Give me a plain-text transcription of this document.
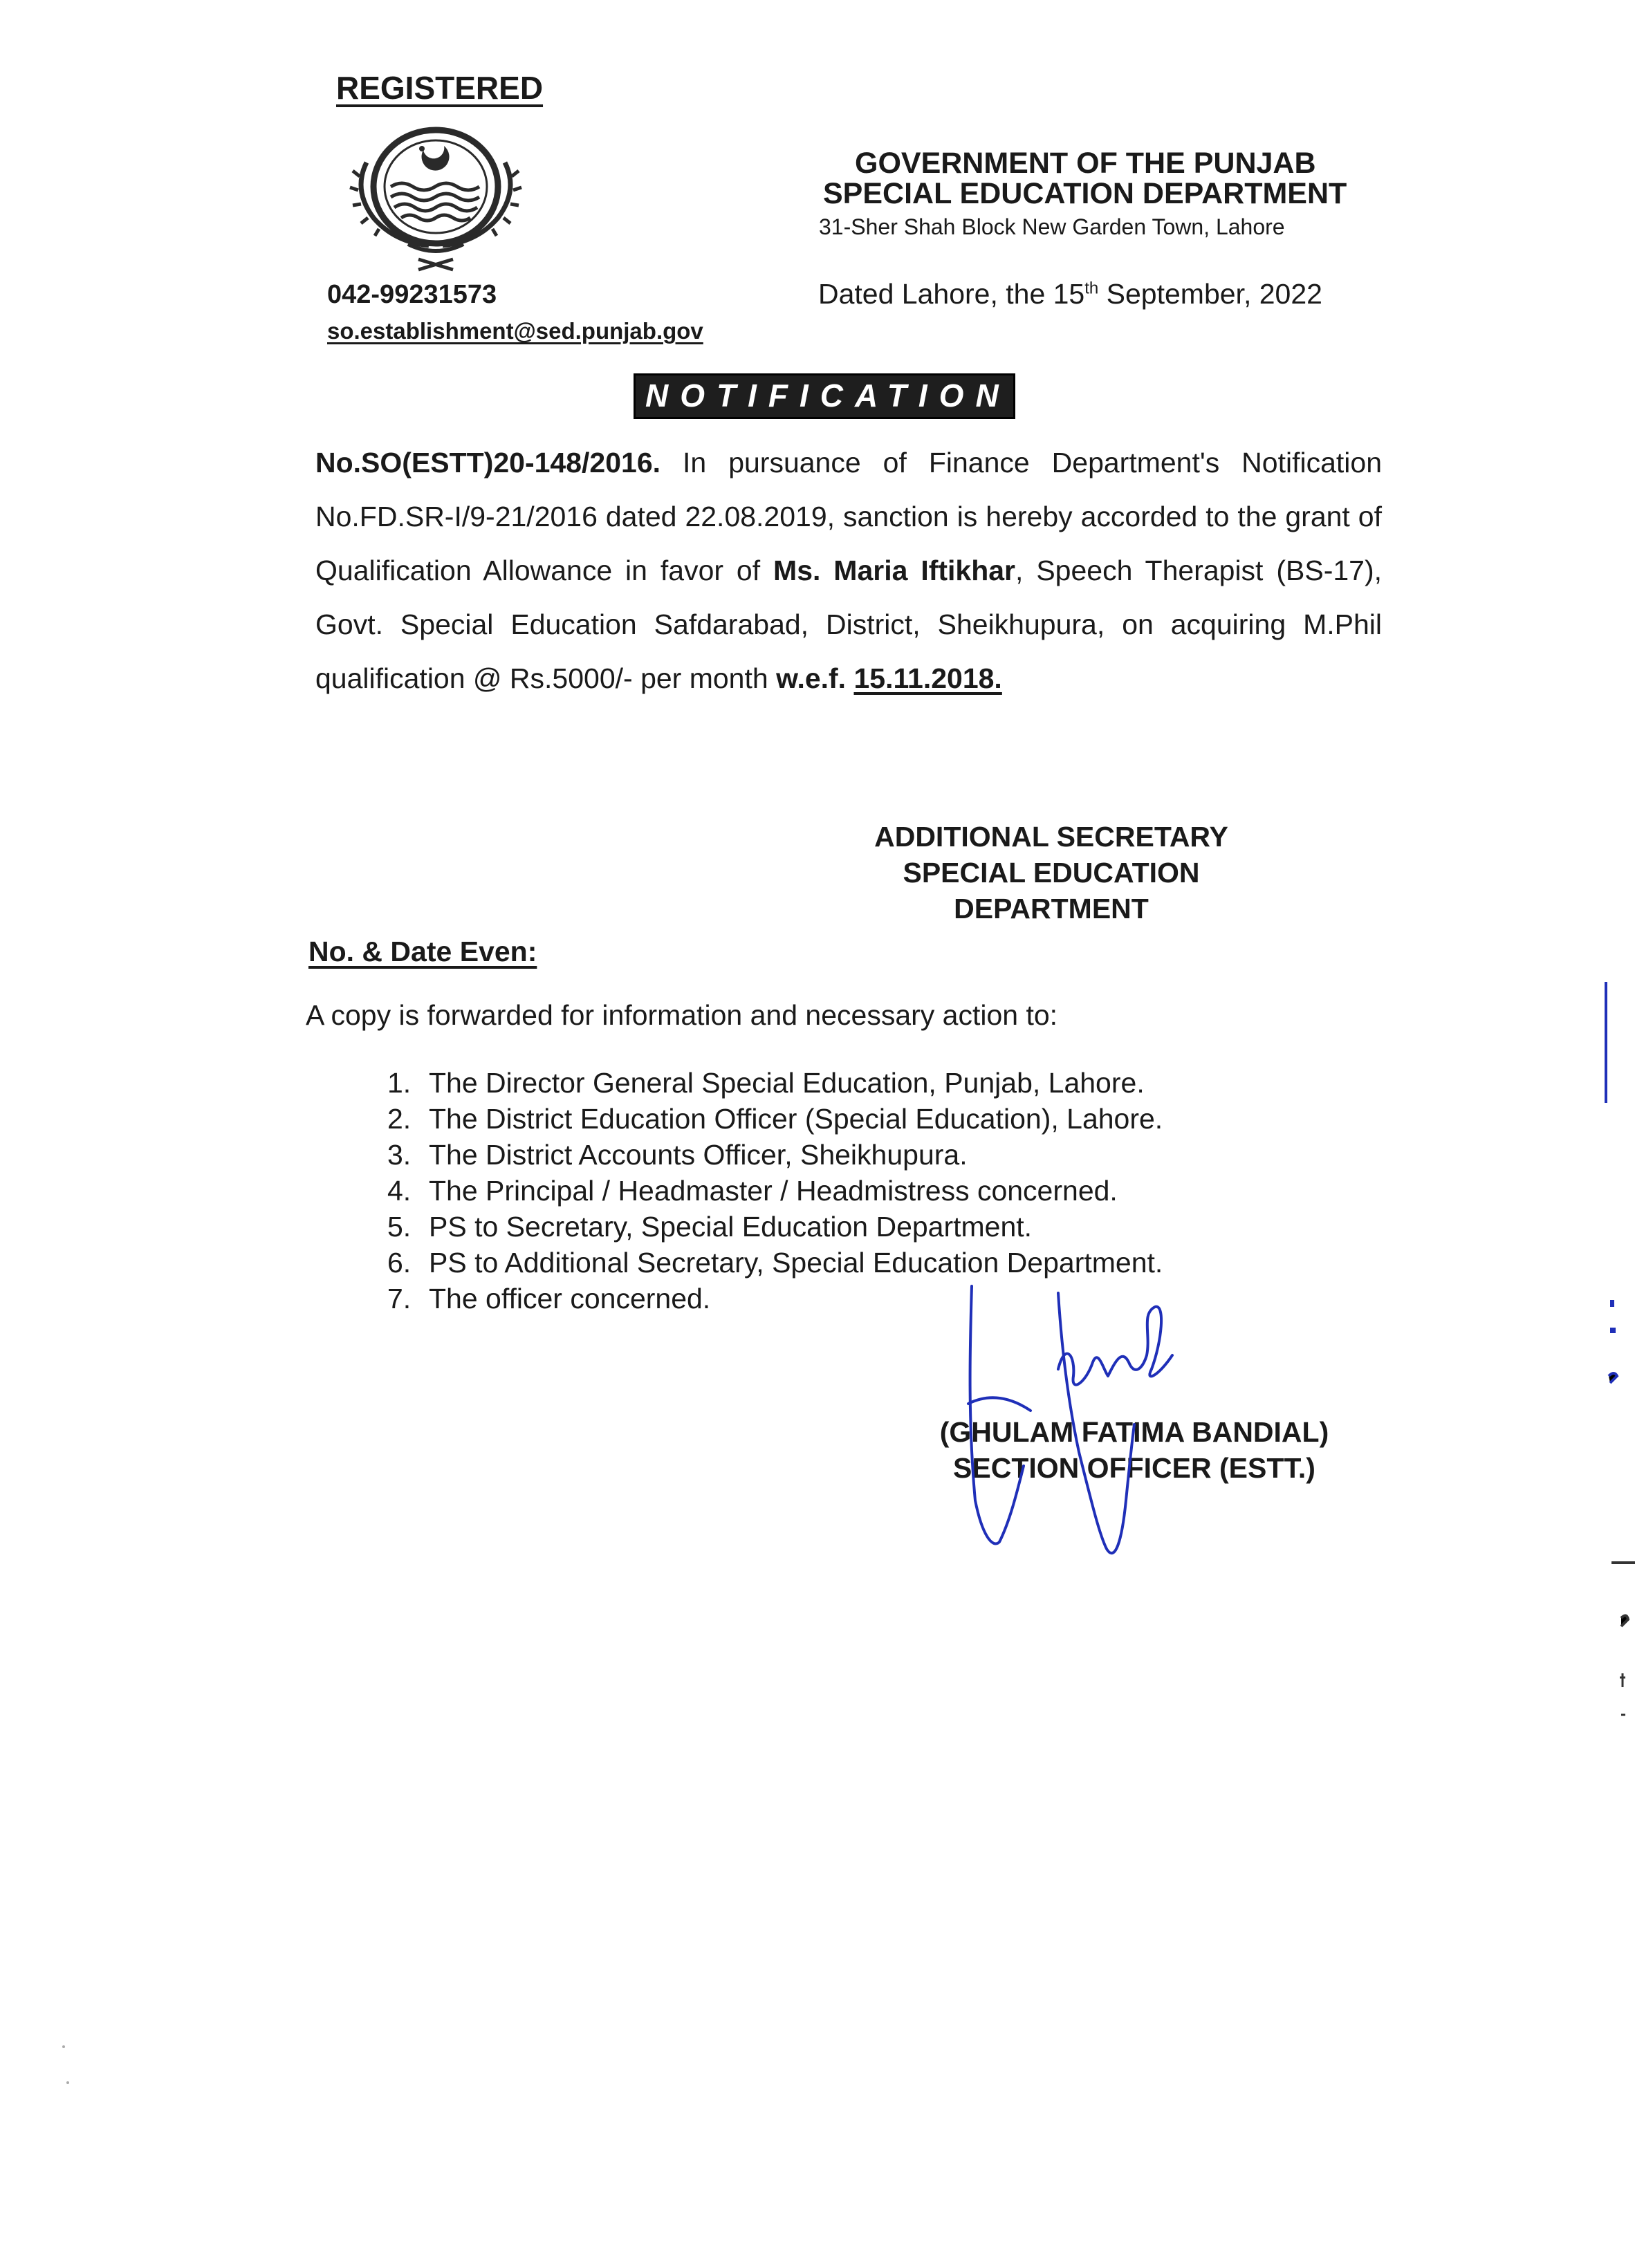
REGISTERED
042-99231573
so.establishment@sed.punjab.gov
GOVERNMENT OF THE PUNJAB
SPECIAL EDUCATION DEPARTMENT
31-Sher Shah Block New Garden Town, Lahore
Dated Lahore, the 15th September, 2022
NOTIFICATION
No.SO(ESTT)20-148/2016. In pursuance of Finance Department's Notification No.FD.SR-I/9-21/2016 dated 22.08.2019, sanction is hereby accorded to the grant of Qualification Allowance in favor of Ms. Maria Iftikhar, Speech Therapist (BS-17), Govt. Special Education Safdarabad, District, Sheikhupura, on acquiring M.Phil qualification @ Rs.5000/- per month w.e.f. 15.11.2018.
ADDITIONAL SECRETARY
SPECIAL EDUCATION
DEPARTMENT
No. & Date Even:
A copy is forwarded for information and necessary action to:
1. The Director General Special Education, Punjab, Lahore.
2. The District Education Officer (Special Education), Lahore.
3. The District Accounts Officer, Sheikhupura.
4. The Principal / Headmaster / Headmistress concerned.
5. PS to Secretary, Special Education Department.
6. PS to Additional Secretary, Special Education Department.
7. The officer concerned.
(GHULAM FATIMA BANDIAL)
SECTION OFFICER (ESTT.)
